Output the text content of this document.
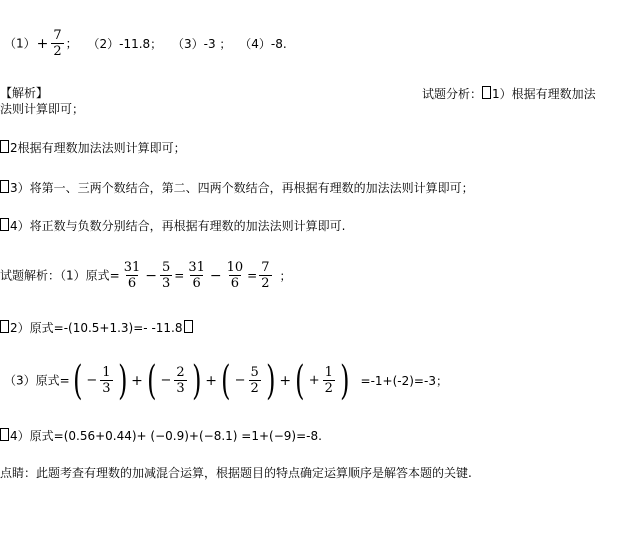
$(1)+ \frac{7}{2}$ ； （2）-11.8； （3）-3 ； （4）-8.
【解析】	试题分析： 1）根据有理数加法
法则计算即可；
2根据有理数加法法则计算即可；
3）将第一、三两个数结合，第二、四两个数结合，再根据有理数的加法法则计算即可；
4）将正数与负数分别结合，再根据有理数的加法法则计算即可.
试题解析：（1）原式= $\frac{31}{6} - \frac{5}{3} = \frac{31}{6} - \frac{10}{6} = \frac{7}{2}$ ；
2）原式=-(10.5+1.3)=- -11.8
（3）原式= ( − $\frac{1}{3}$ ) + ( − $\frac{2}{3}$ ) + ( − $\frac{5}{2}$ ) + ( + $\frac{1}{2}$ ) =-1+(-2)=-3；
4）原式=(0.56+0.44)+ (−0.9)+(−8.1) =1+(−9)=-8.
点睛：此题考查有理数的加减混合运算，根据题目的特点确定运算顺序是解答本题的关键.
